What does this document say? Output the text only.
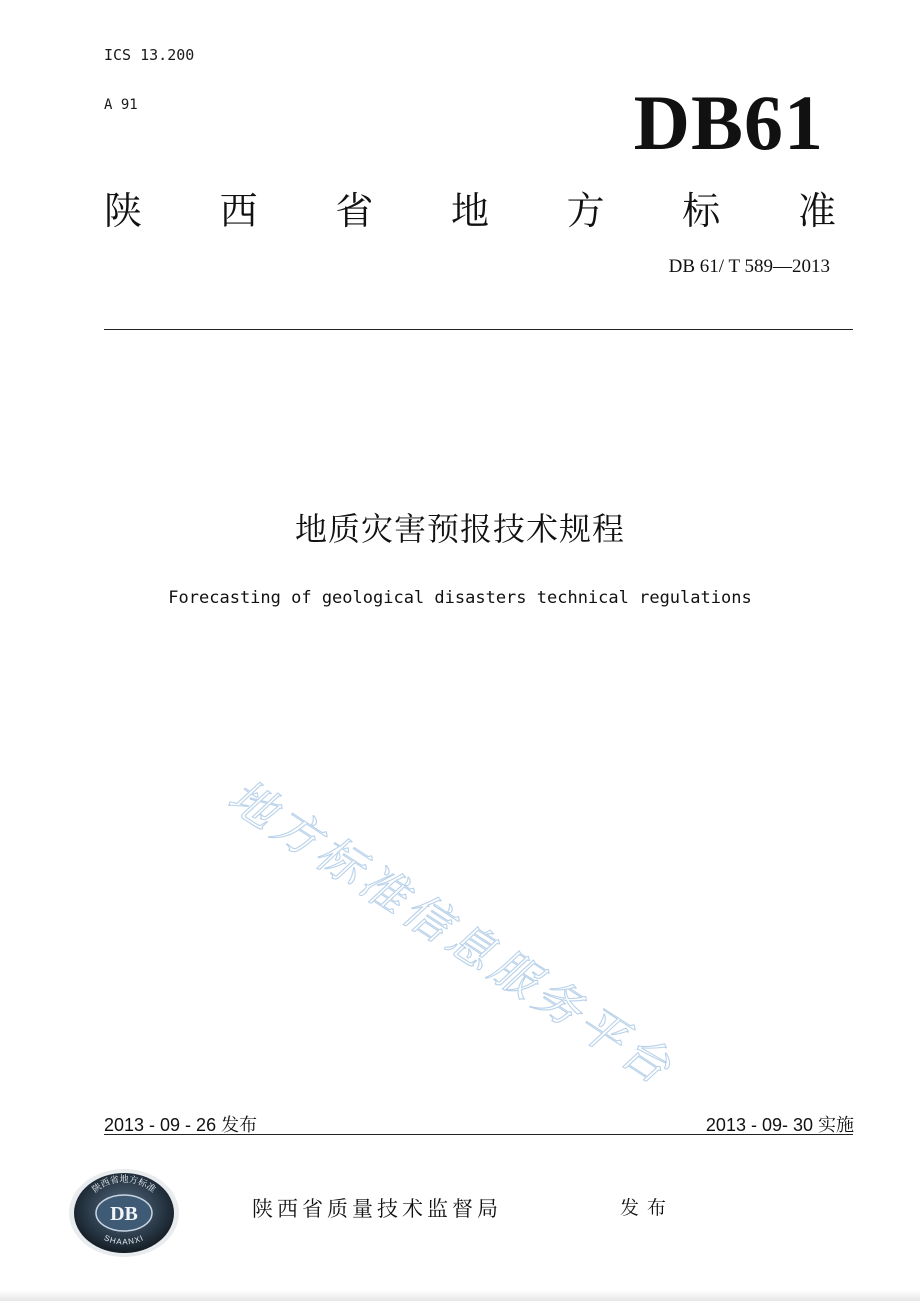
ICS 13.200
A 91	DB61
陕 西 省 地 方 标 准
DB 61/ T 589—2013
地质灾害预报技术规程
Forecasting of geological disasters technical regulations
地
方
标
准
信
息
服
务
平
台
2013 - 09 - 26 发布	2013 - 09- 30 实施
陕西省地方标准
DB
SHAANXI
陕西省质量技术监督局	发布
